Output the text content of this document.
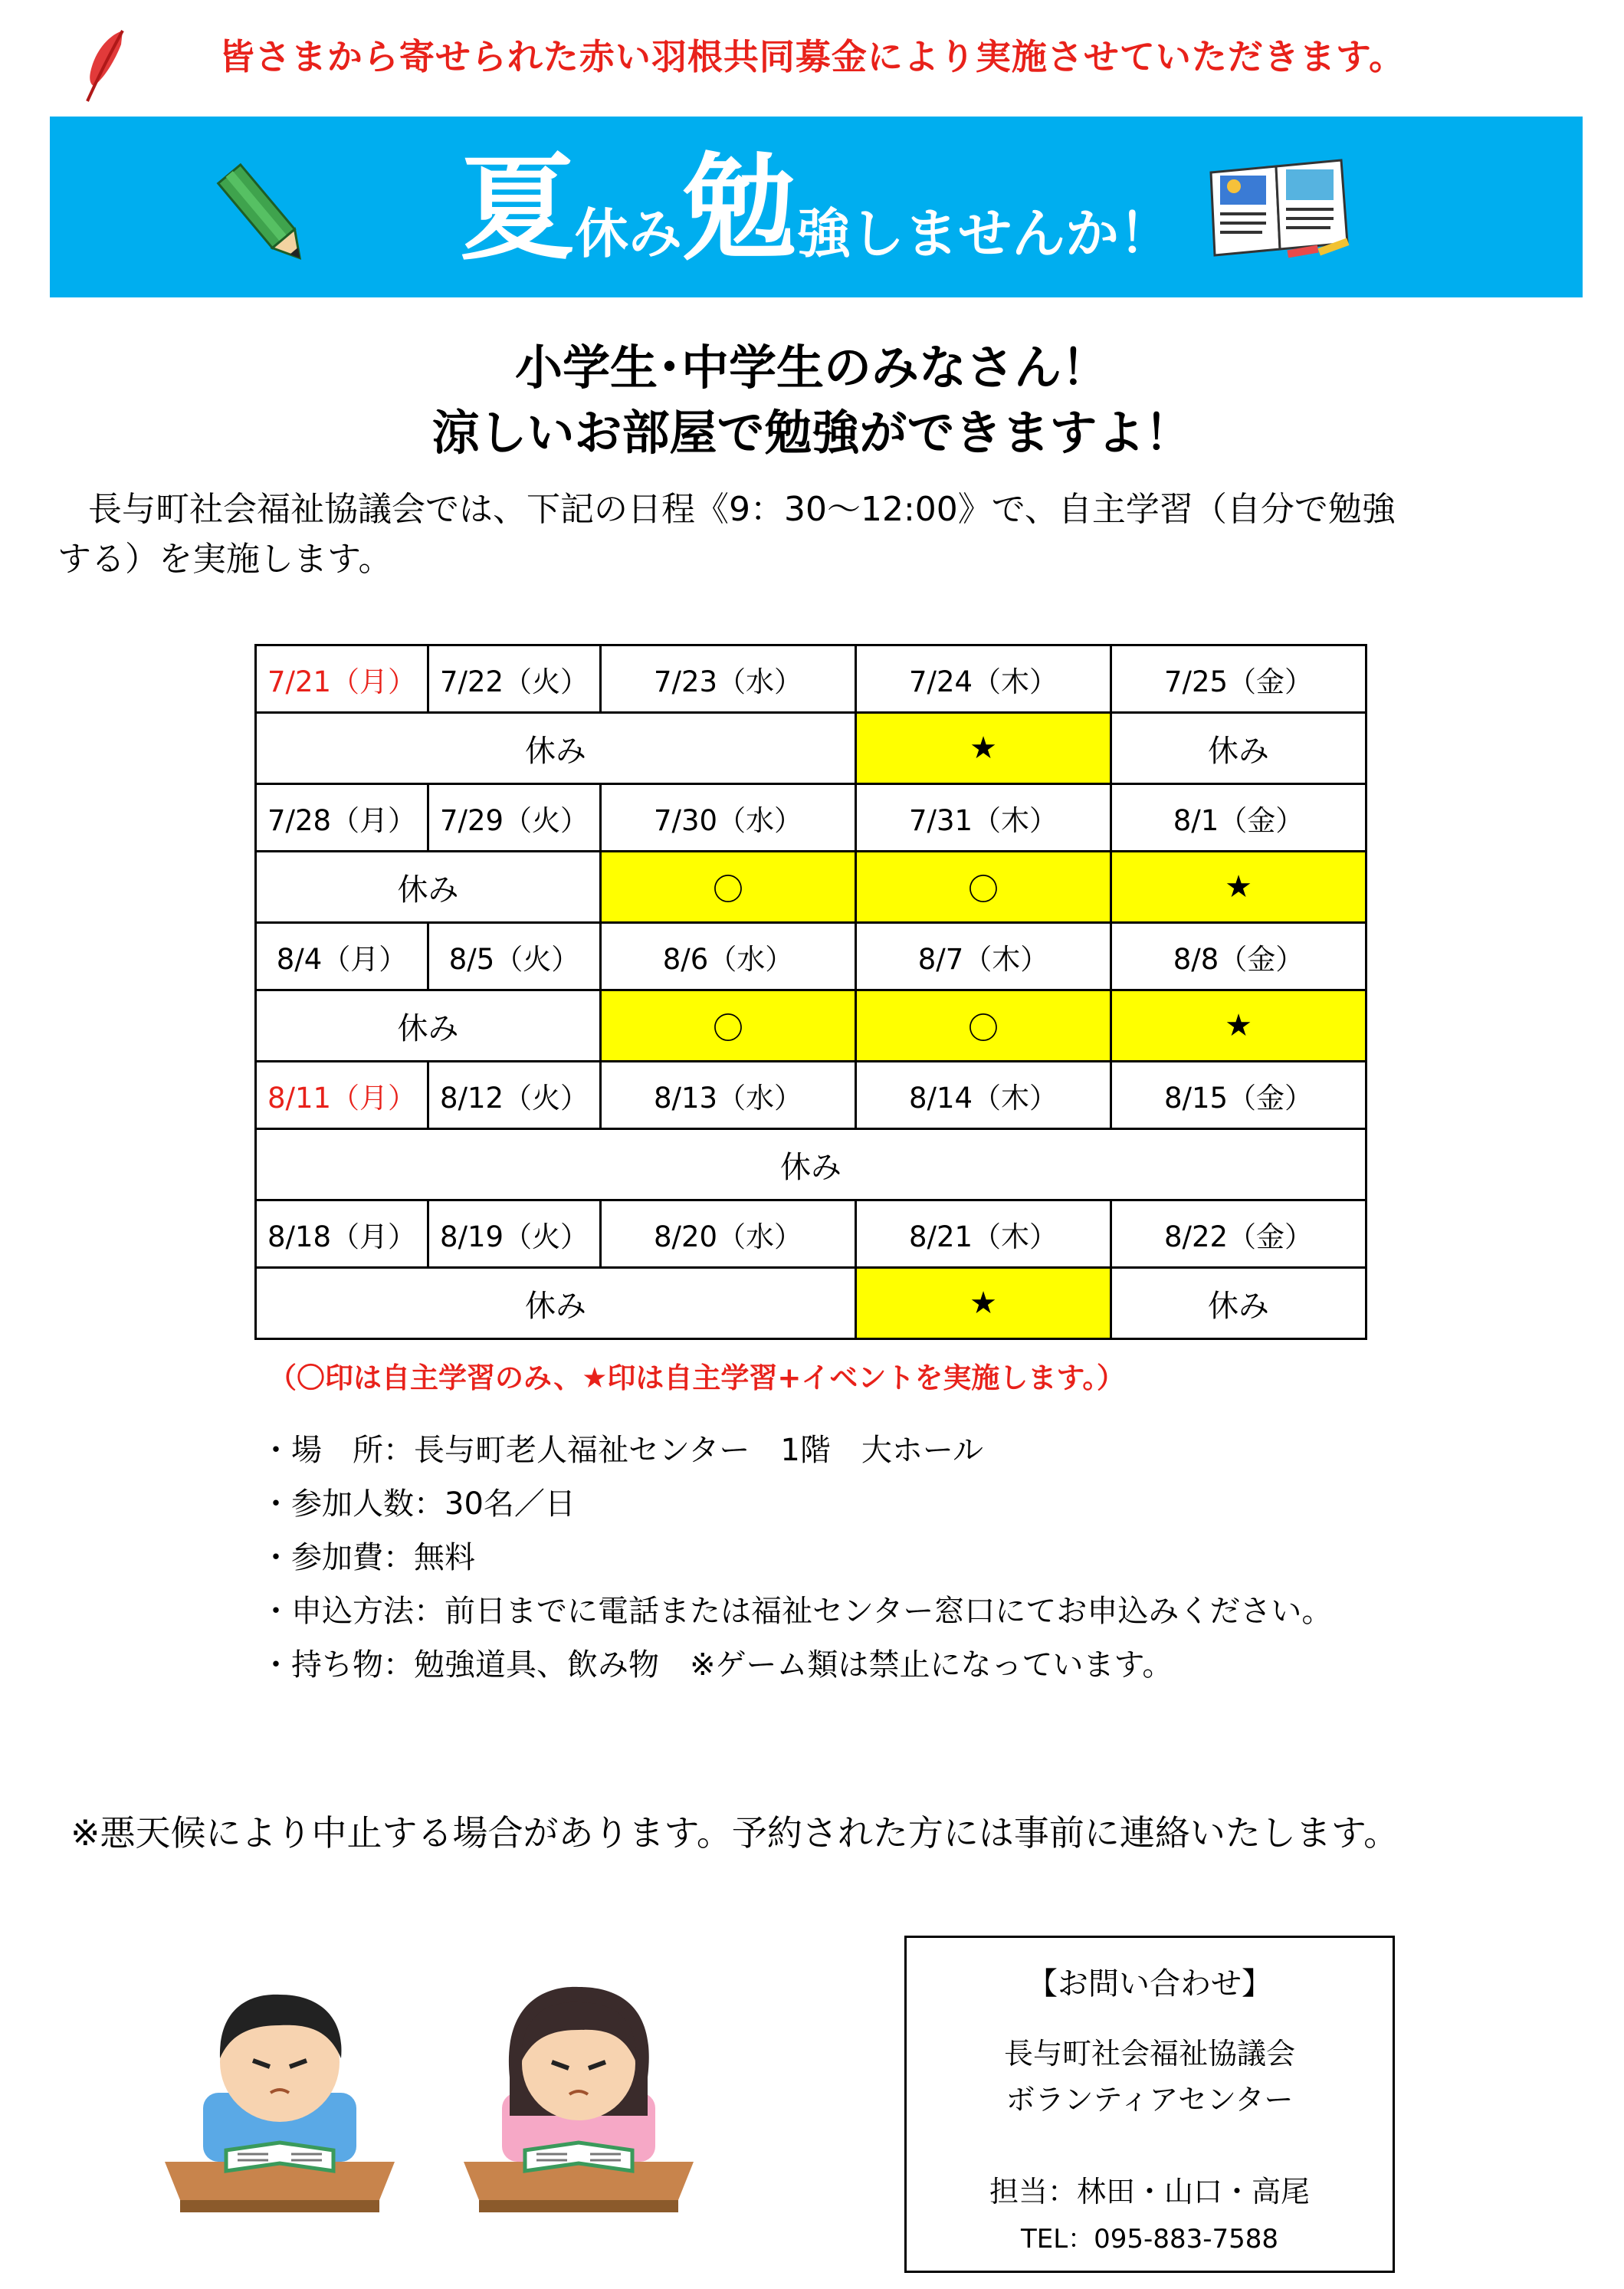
皆さまから寄せられた赤い羽根共同募金により実施させていただきます。
夏 休み 勉 強しませんか！
小学生･中学生のみなさん！
涼しいお部屋で勉強ができますよ！
長与町社会福祉協議会では、下記の日程《9：30～12:00》で、自主学習（自分で勉強
する）を実施します。
7/21（月）	7/22（火）	7/23（水）	7/24（木）	7/25（金）
休み			★	休み
7/28（月）	7/29（火）	7/30（水）	7/31（木）	8/1（金）
休み		〇	〇	★
8/4（月）	8/5（火）	8/6（水）	8/7（木）	8/8（金）
休み		〇	〇	★
8/11（月）	8/12（火）	8/13（水）	8/14（木）	8/15（金）
休み				
8/18（月）	8/19（火）	8/20（水）	8/21（木）	8/22（金）
休み			★	休み
（〇印は自主学習のみ、★印は自主学習+イベントを実施します。）
・場　所：長与町老人福祉センター　1階　大ホール
・参加人数：30名／日
・参加費：無料
・申込方法：前日までに電話または福祉センター窓口にてお申込みください。
・持ち物：勉強道具、飲み物　※ゲーム類は禁止になっています。
※悪天候により中止する場合があります。予約された方には事前に連絡いたします。
【お問い合わせ】
長与町社会福祉協議会
ボランティアセンター
担当：林田・山口・高尾
TEL：095-883-7588
